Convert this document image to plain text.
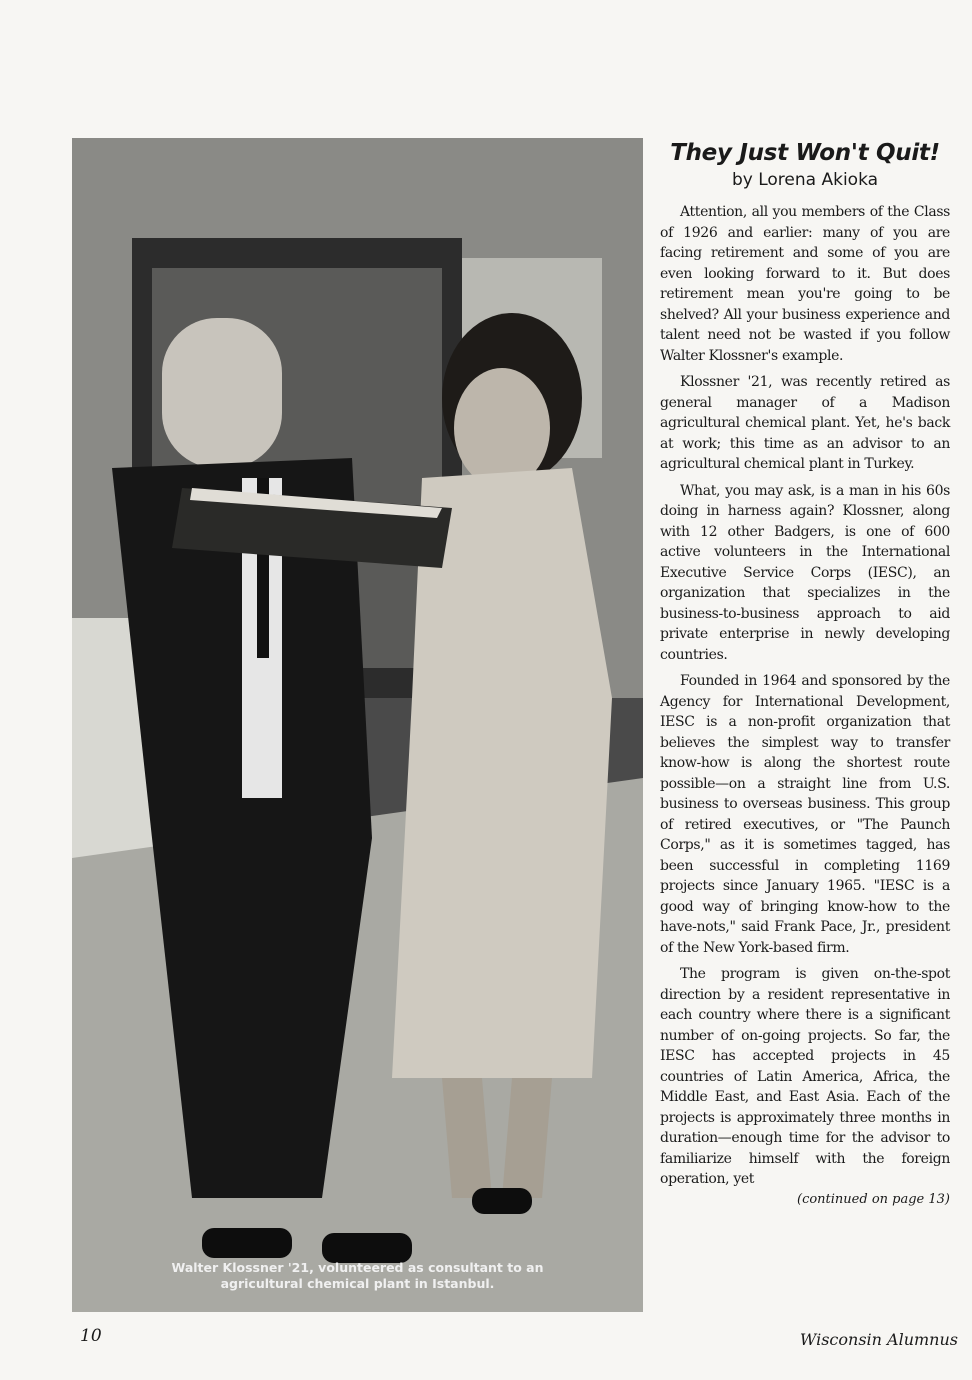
Walter Klossner '21, volunteered as consultant to an
agricultural chemical plant in Istanbul.
They Just Won't Quit!
by Lorena Akioka

Attention, all you members of the Class of 1926 and earlier: many of you are facing retirement and some of you are even looking forward to it. But does retirement mean you're going to be shelved? All your business experience and talent need not be wasted if you follow Walter Klossner's example.

Klossner '21, was recently retired as general manager of a Madison agricultural chemical plant. Yet, he's back at work; this time as an advisor to an agricultural chemical plant in Turkey.

What, you may ask, is a man in his 60s doing in harness again? Klossner, along with 12 other Badgers, is one of 600 active volunteers in the International Executive Service Corps (IESC), an organization that specializes in the business-to-business approach to aid private enterprise in newly developing countries.

Founded in 1964 and sponsored by the Agency for International Development, IESC is a non-profit organization that believes the simplest way to transfer know-how is along the shortest route possible—on a straight line from U.S. business to overseas business. This group of retired executives, or "The Paunch Corps," as it is sometimes tagged, has been successful in completing 1169 projects since January 1965. "IESC is a good way of bringing know-how to the have-nots," said Frank Pace, Jr., president of the New York-based firm.

The program is given on-the-spot direction by a resident representative in each country where there is a significant number of on-going projects. So far, the IESC has accepted projects in 45 countries of Latin America, Africa, the Middle East, and East Asia. Each of the projects is approximately three months in duration—enough time for the advisor to familiarize himself with the foreign operation, yet

(continued on page 13)
10	Wisconsin Alumnus
